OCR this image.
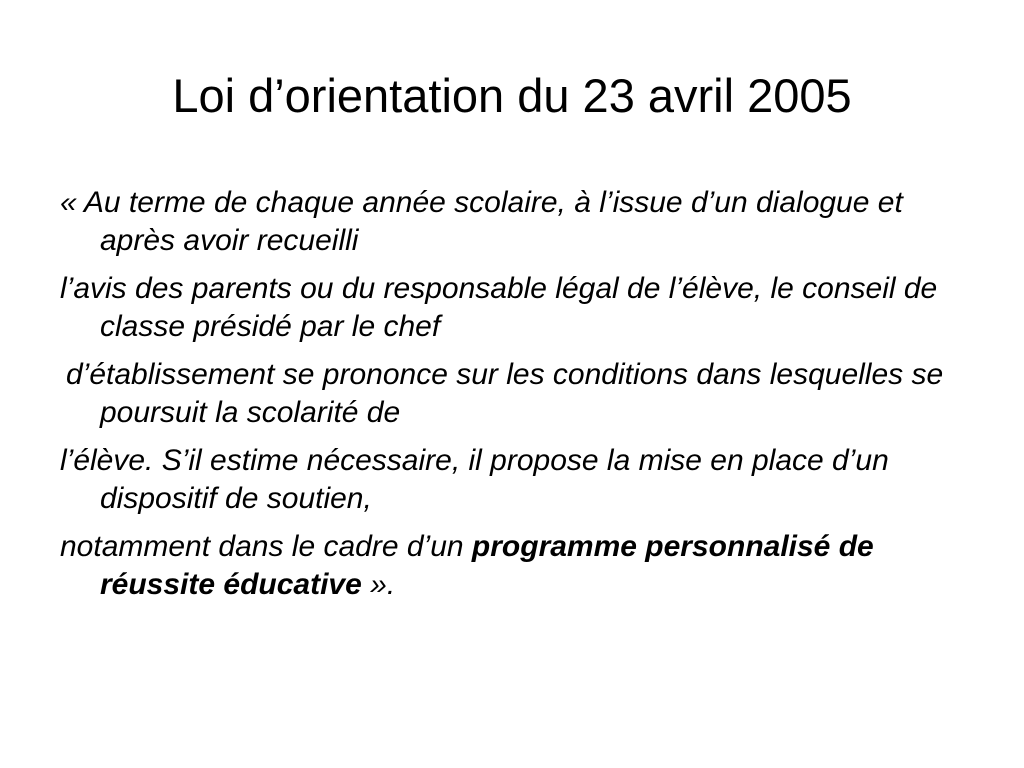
Loi d’orientation du 23 avril 2005

« Au terme de chaque année scolaire, à l’issue d’un dialogue et après avoir recueilli

l’avis des parents ou du responsable légal de l’élève, le conseil de classe présidé par le chef

d’établissement se prononce sur les conditions dans lesquelles se poursuit la scolarité de

l’élève. S’il estime nécessaire, il propose la mise en place d’un dispositif de soutien,

notamment dans le cadre d’un programme personnalisé de réussite éducative ».
